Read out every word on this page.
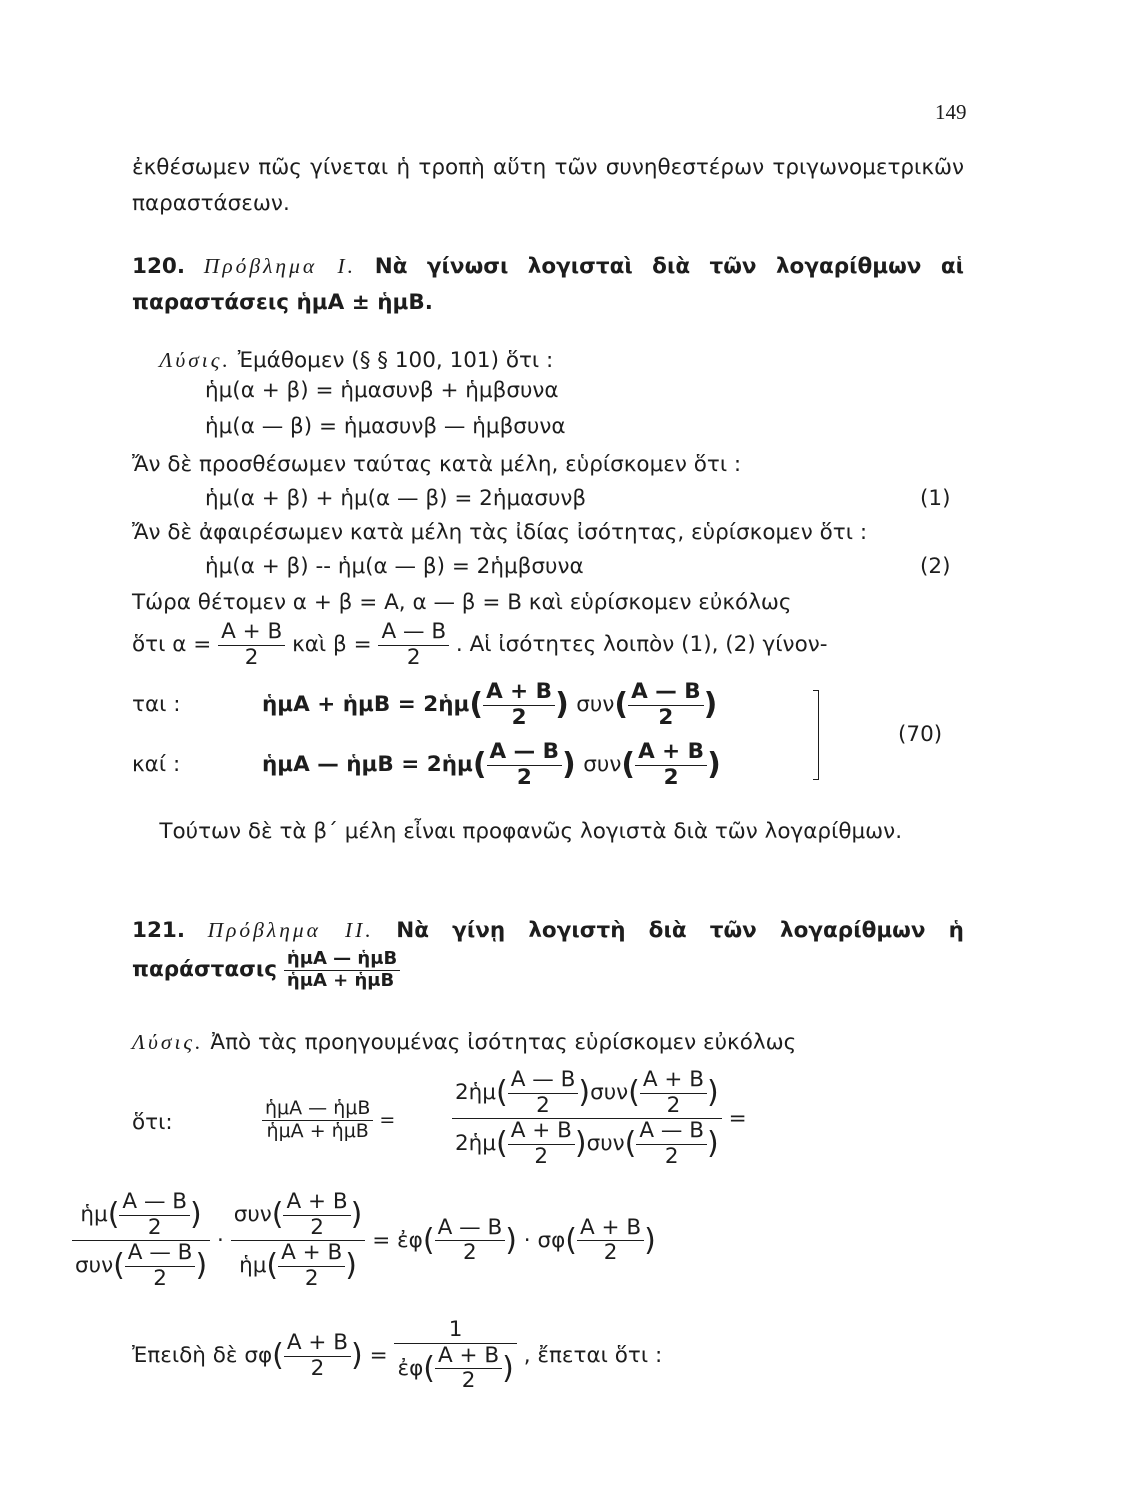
149
ἐκθέσωμεν πῶς γίνεται ἡ τροπὴ αὕτη τῶν συνηθεστέρων τριγωνομετρικῶν παραστάσεων.
120. Πρόβλημα Ι. Νὰ γίνωσι λογισταὶ διὰ τῶν λογαρίθμων αἱ παραστάσεις ἡμΑ ± ἡμΒ.
Λύσις. Ἐμάθομεν (§ § 100, 101) ὅτι :
ἡμ(α + β) = ἡμασυνβ + ἡμβσυνα
ἡμ(α — β) = ἡμασυνβ — ἡμβσυνα
Ἄν δὲ προσθέσωμεν ταύτας κατὰ μέλη, εὑρίσκομεν ὅτι :
ἡμ(α + β) + ἡμ(α — β) = 2ἡμασυνβ	(1)
Ἄν δὲ ἀφαιρέσωμεν κατὰ μέλη τὰς ἰδίας ἰσότητας, εὑρίσκομεν ὅτι :
ἡμ(α + β) -- ἡμ(α — β) = 2ἡμβσυνα	(2)
Τώρα θέτομεν α + β = Α, α — β = Β καὶ εὑρίσκομεν εὐκόλως
ὅτι $\alpha = \frac{A + B}{2}$ καὶ $\beta = \frac{A — B}{2}$ . Αἱ ἰσότητες λοιπὸν (1), (2) γίνον-
ται :	ἡμΑ + ἡμΒ = 2ἡμ( $\frac{A + B}{2}$ ) $\sigma\upsilon\nu( \frac{A — B}{2}$ )
καί :	ἡμΑ — ἡμΒ = 2ἡμ( $\frac{A — B}{2}$ ) $\sigma\upsilon\nu( \frac{A + B}{2}$ )
(70)
Τούτων δὲ τὰ β΄ μέλη εἶναι προφανῶς λογιστὰ διὰ τῶν λογαρίθμων.
121. Πρόβλημα ΙΙ. Νὰ γίνῃ λογιστὴ διὰ τῶν λογαρίθμων ἡ παράστασις $\frac{\text{ἡμΑ — ἡμΒ}}{\text{ἡμΑ + ἡμΒ}}$
Λύσις. Ἀπὸ τὰς προηγουμένας ἰσότητας εὑρίσκομεν εὐκόλως
ὅτι:	$\frac{\text{ἡμΑ — ἡμΒ}}{\text{ἡμΑ + ἡμΒ}}$ =	$\frac{2ἡ\mu( \frac{A — B}{2} )\sigma\upsilon\nu( \frac{A + B}{2} )}{2ἡ\mu( \frac{A + B}{2} )\sigma\upsilon\nu( \frac{A — B}{2} )}$ =
$\frac{ἡ\mu( \frac{A — B}{2} )}{\sigma\upsilon\nu( \frac{A — B}{2} )} \cdot \frac{\sigma\upsilon\nu( \frac{A + B}{2} )}{ἡ\mu( \frac{A + B}{2} )}$ = ἐφ( $\frac{A — B}{2}$ ) · $\sigma\varphi( \frac{A + B}{2}$ )
Ἐπειδὴ δὲ $\sigma\varphi( \frac{A + B}{2}$ ) = $\frac{1}{ἐ\varphi( \frac{A + B}{2} )}$ , ἔπεται ὅτι :
